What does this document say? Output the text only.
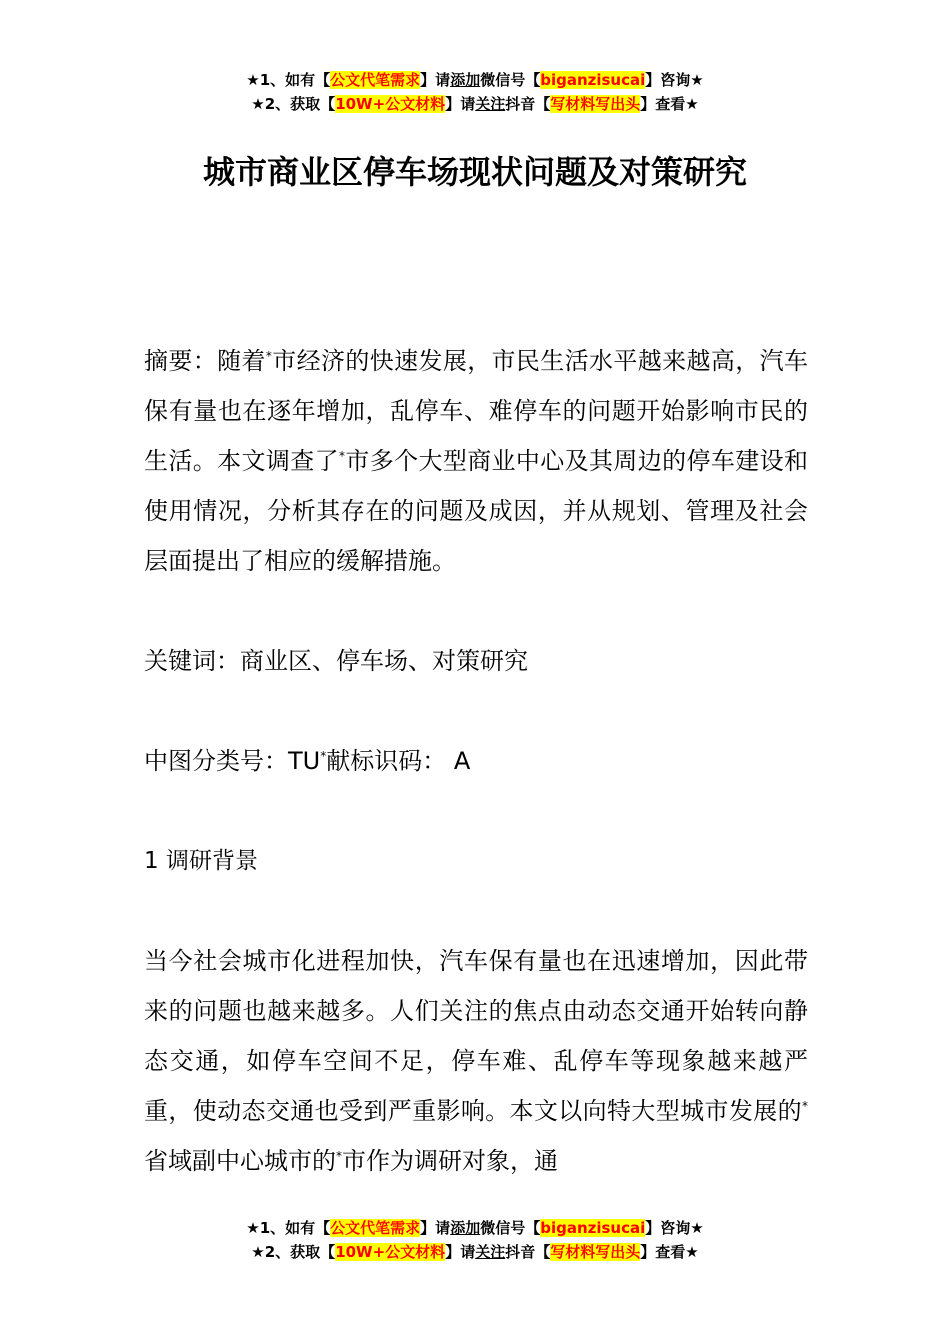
★1、如有【公文代笔需求】请添加微信号【biganzisucai】咨询★
★2、获取【10W+公文材料】请关注抖音【写材料写出头】查看★
城市商业区停车场现状问题及对策研究
摘要：随着*市经济的快速发展，市民生活水平越来越高，汽车保有量也在逐年增加，乱停车、难停车的问题开始影响市民的生活。本文调查了*市多个大型商业中心及其周边的停车建设和使用情况，分析其存在的问题及成因，并从规划、管理及社会层面提出了相应的缓解措施。
关键词：商业区、停车场、对策研究
中图分类号：TU*献标识码： A
1 调研背景
当今社会城市化进程加快，汽车保有量也在迅速增加，因此带来的问题也越来越多。人们关注的焦点由动态交通开始转向静态交通，如停车空间不足，停车难、乱停车等现象越来越严重，使动态交通也受到严重影响。本文以向特大型城市发展的*省域副中心城市的*市作为调研对象，通
★1、如有【公文代笔需求】请添加微信号【biganzisucai】咨询★
★2、获取【10W+公文材料】请关注抖音【写材料写出头】查看★
